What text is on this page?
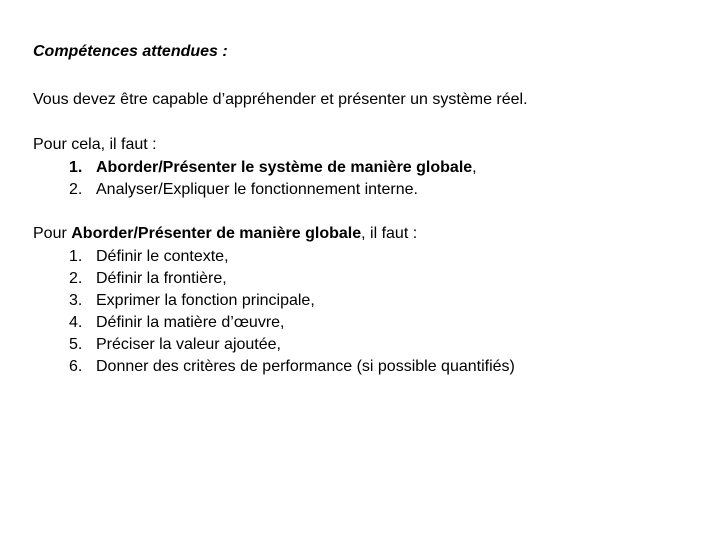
Compétences attendues :

Vous devez être capable d’appréhender et présenter un système réel.

Pour cela, il faut :

1. Aborder/Présenter le système de manière globale,
2. Analyser/Expliquer le fonctionnement interne.

Pour Aborder/Présenter de manière globale, il faut :

1. Définir le contexte,
2. Définir la frontière,
3. Exprimer la fonction principale,
4. Définir la matière d’œuvre,
5. Préciser la valeur ajoutée,
6. Donner des critères de performance (si possible quantifiés)
